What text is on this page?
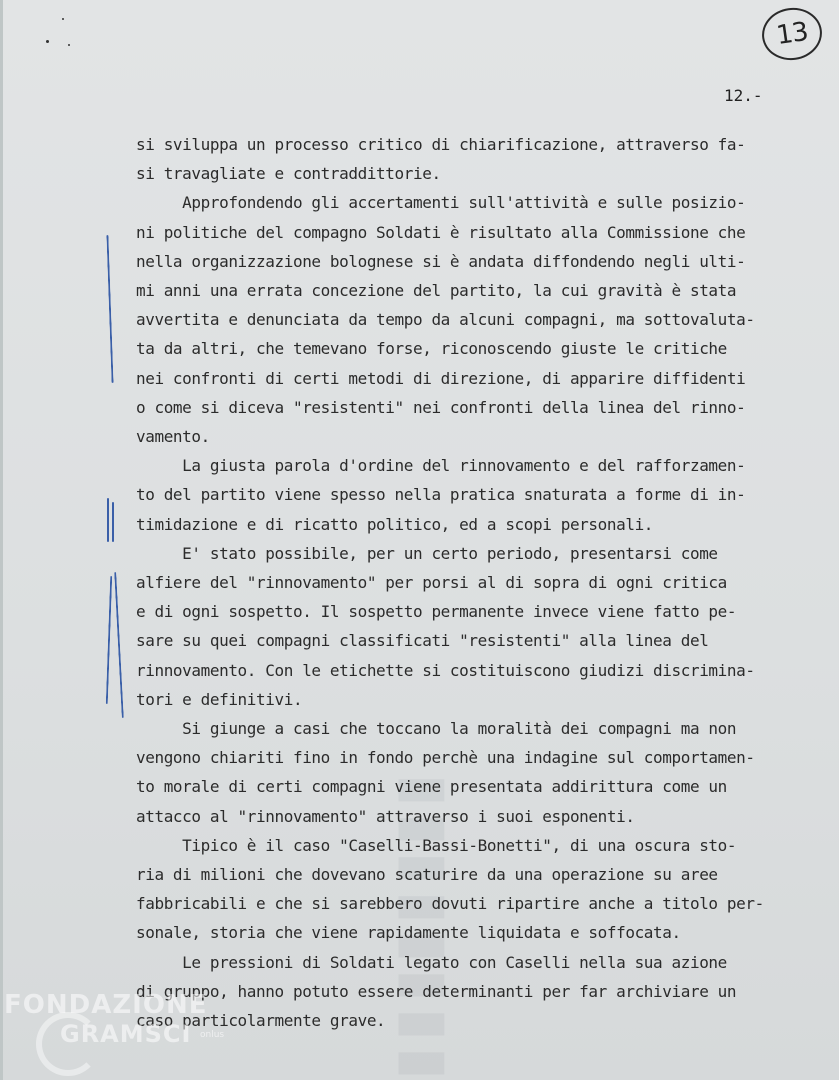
▮▮▮▮▮▮▮▮
13
12.-
si sviluppa un processo critico di chiarificazione, attraverso fa-
si travagliate e contraddittorie.
Approfondendo gli accertamenti sull'attività e sulle posizio-
ni politiche del compagno Soldati è risultato alla Commissione che
nella organizzazione bolognese si è andata diffondendo negli ulti-
mi anni una errata concezione del partito, la cui gravità è stata
avvertita e denunciata da tempo da alcuni compagni, ma sottovaluta-
ta da altri, che temevano forse, riconoscendo giuste le critiche
nei confronti di certi metodi di direzione, di apparire diffidenti
o come si diceva "resistenti" nei confronti della linea del rinno-
vamento.
La giusta parola d'ordine del rinnovamento e del rafforzamen-
to del partito viene spesso nella pratica snaturata a forme di in-
timidazione e di ricatto politico, ed a scopi personali.
E' stato possibile, per un certo periodo, presentarsi come
alfiere del "rinnovamento" per porsi al di sopra di ogni critica
e di ogni sospetto. Il sospetto permanente invece viene fatto pe-
sare su quei compagni classificati "resistenti" alla linea del
rinnovamento. Con le etichette si costituiscono giudizi discrimina-
tori e definitivi.
Si giunge a casi che toccano la moralità dei compagni ma non
vengono chiariti fino in fondo perchè una indagine sul comportamen-
to morale di certi compagni viene presentata addirittura come un
attacco al "rinnovamento" attraverso i suoi esponenti.
Tipico è il caso "Caselli-Bassi-Bonetti", di una oscura sto-
ria di milioni che dovevano scaturire da una operazione su aree
fabbricabili e che si sarebbero dovuti ripartire anche a titolo per-
sonale, storia che viene rapidamente liquidata e soffocata.
Le pressioni di Soldati legato con Caselli nella sua azione
di gruppo, hanno potuto essere determinanti per far archiviare un
caso particolarmente grave.
FONDAZIONE
GRAMSCI onlus
